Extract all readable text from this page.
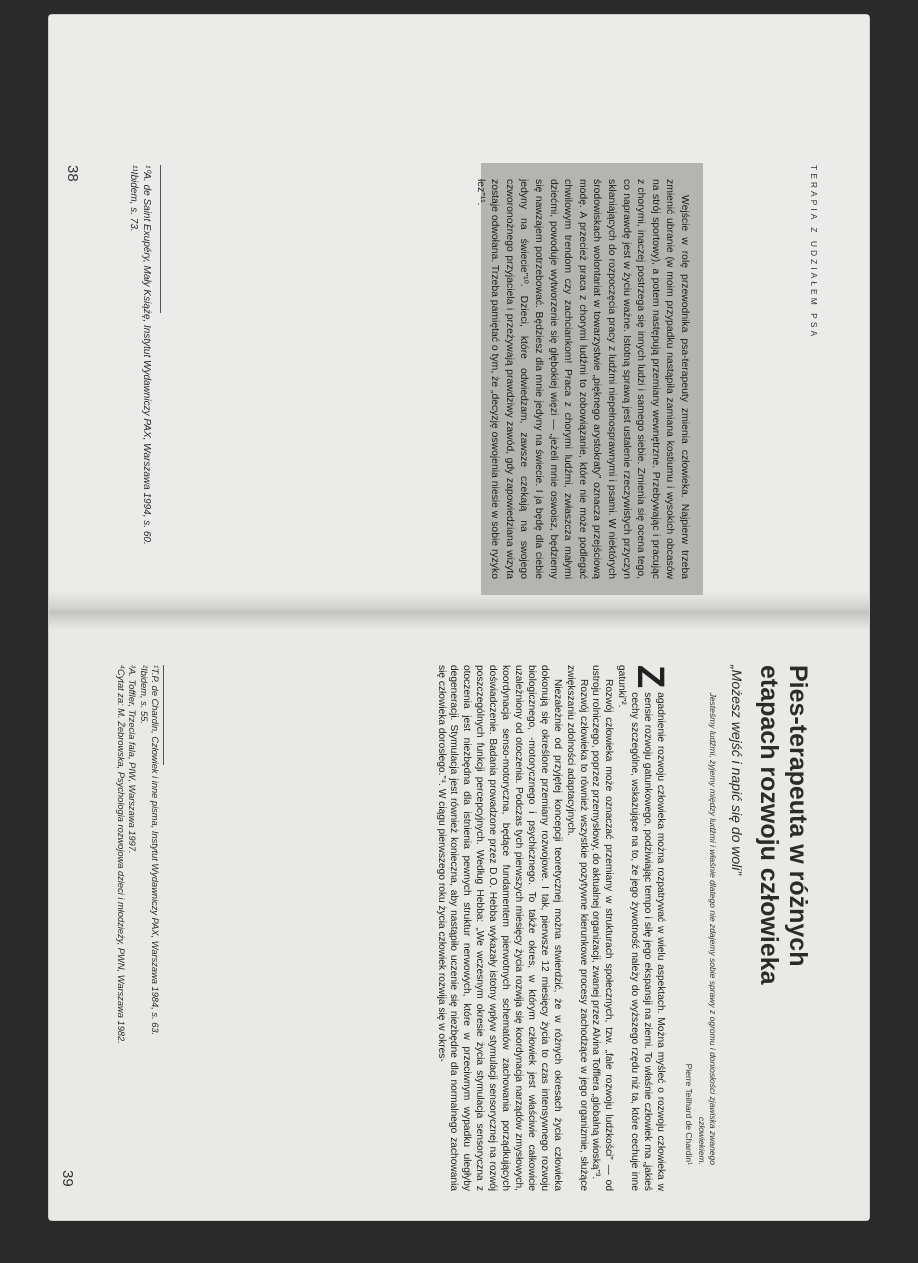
TERAPIA Z UDZIAŁEM PSA

Wejście w rolę przewodnika psa-terapeuty zmienia człowieka. Najpierw trzeba zmienić ubranie (w moim przypadku nastąpiła zamiana kostiumu i wysokich obcasów na strój sportowy), a potem następują przemiany wewnętrzne. Przebywając i pracując z chorymi, inaczej postrzega się innych ludzi i samego siebie. Zmienia się ocena tego, co naprawdę jest w życiu ważne. Istotną sprawą jest ustalenie rzeczywistych przyczyn skłaniających do rozpoczęcia pracy z ludźmi niepełnosprawnymi i psami. W niektórych środowiskach wolontariat w towarzystwie „pięknego arystokraty” oznacza przejściową modę. A przecież praca z chorymi ludźmi to zobowiązanie, które nie może podlegać chwilowym trendom czy zachciankom! Praca z chorymi ludźmi, zwłaszcza małymi dziećmi, powoduje wytworzenie się głębokiej więzi — „jeżeli mnie oswoisz, będziemy się nawzajem potrzebować. Będziesz dla mnie jedyny na świecie. I ja będę dla ciebie jedyny na świecie”¹⁰. Dzieci, które odwiedzam, zawsze czekają na swojego czworonożnego przyjaciela i przeżywają prawdziwy zawód, gdy zapowiedziana wizyta zostaje odwołana. Trzeba pamiętać o tym, że „decyzję oswojenia niesie w sobie ryzyko łez”¹¹.

¹⁰A. de Saint Exupéry, Mały Książę, Instytut Wydawniczy PAX, Warszawa 1994, s. 60.
¹¹Ibidem, s. 73.
38
Pies-terapeuta w różnych
etapach rozwoju człowieka
„Możesz wejść i napić się do woli”
Jesteśmy ludźmi, żyjemy między ludźmi i właśnie dlatego nie zdajemy sobie sprawy z ogromu i doniosłości zjawiska zwanego człowiekiem.
Pierre Teilhard de Chardin¹

Z
agadnienie rozwoju człowieka można rozpatrywać w wielu aspektach. Można myśleć o rozwoju człowieka w sensie rozwoju gatunkowego, podziwiając tempo i siłę jego ekspansji na ziemi. To właśnie człowiek ma „jakieś cechy szczególne, wskazujące na to, że jego żywotność należy do wyższego rzędu niż ta, które cechuje inne gatunki”².

Rozwój człowieka może oznaczać przemiany w strukturach społecznych, tzw. „fale rozwoju ludzkości” — od ustroju rolniczego, poprzez przemysłowy, do aktualnej organizacji, zwanej przez Alvina Tofflera „globalną wioską”³.

Rozwój człowieka to również wszystkie pozytywne kierunkowe procesy zachodzące w jego organizmie, służące zwiększaniu zdolności adaptacyjnych.

Niezależnie od przyjętej koncepcji teoretycznej można stwierdzić, że w różnych okresach życia człowieka dokonują się określone przemiany rozwojowe. I tak, pierwsze 12 miesięcy życia to czas intensywnego rozwoju biologicznego, -motorycznego i psychicznego. To także okres, w którym człowiek jest właściwie całkowicie uzależniony od otoczenia. Podczas tych pierwszych miesięcy życia rozwija się koordynacja narządów zmysłowych, koordynacja senso-motoryczna, będące fundamentem pierwotnych schematów zachowania porządkujących doświadczenie. Badania prowadzone przez D.O. Hebba wykazały istotny wpływ stymulacji sensorycznej na rozwój poszczególnych funkcji percepcyjnych. Według Hebba: „We wczesnym okresie życia stymulacja sensoryczna z otoczenia jest niezbędna dla istnienia pewnych struktur nerwowych, które w przeciwnym wypadku uległyby degeneracji. Stymulacja jest również konieczna, aby nastąpiło uczenie się niezbędne dla normalnego zachowania się człowieka dorosłego.”⁴. W ciągu pierwszego roku życia człowiek rozwija się w okres-

¹T.P. de Chardin, Człowiek i inne pisma, Instytut Wydawniczy PAX, Warszawa 1984, s. 63.
²Ibidem, s. 55.
³A. Toffler, Trzecia fala, PIW, Warszawa 1997.
⁴Cytat za: M. Żebrowska, Psychologia rozwojowa dzieci i młodzieży, PWN, Warszawa 1982.
39
